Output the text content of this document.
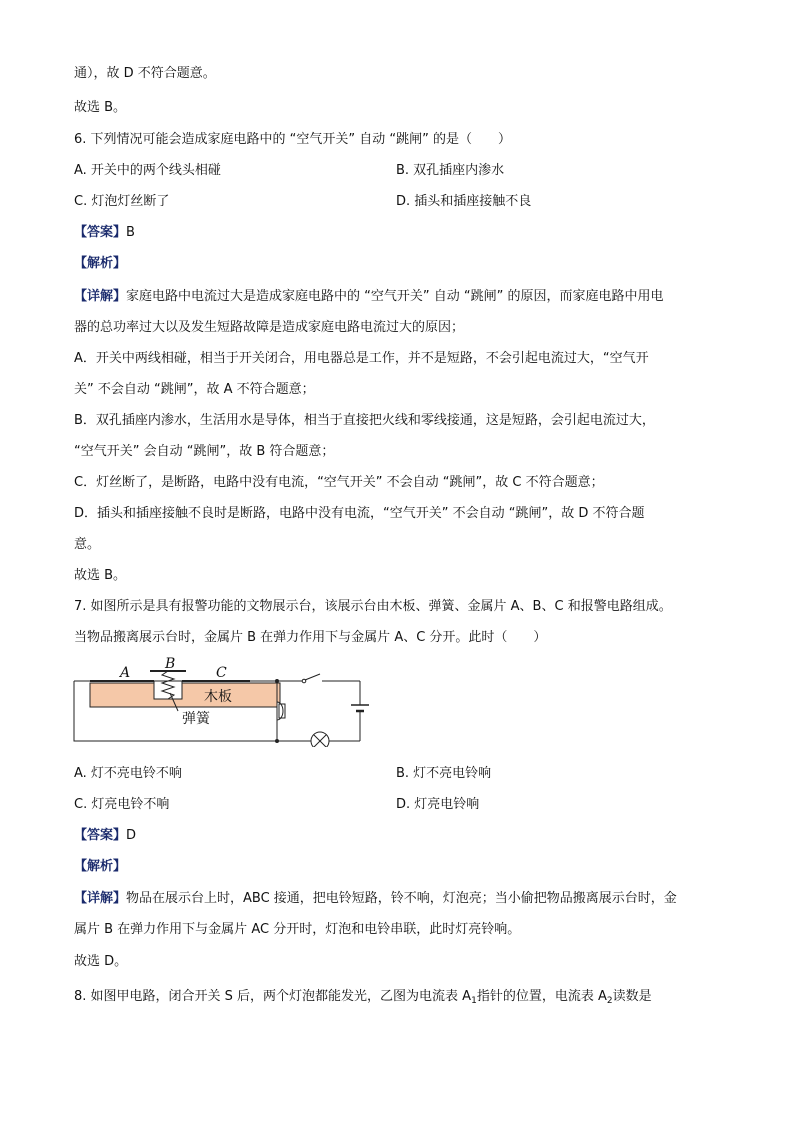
通），故 D 不符合题意。
故选 B。
6. 下列情况可能会造成家庭电路中的 “空气开关” 自动 “跳闸” 的是（　　）
A. 开关中的两个线头相碰	B. 双孔插座内渗水
C. 灯泡灯丝断了	D. 插头和插座接触不良
【答案】B
【解析】
【详解】家庭电路中电流过大是造成家庭电路中的 “空气开关” 自动 “跳闸” 的原因，而家庭电路中用电
器的总功率过大以及发生短路故障是造成家庭电路电流过大的原因；
A．开关中两线相碰，相当于开关闭合，用电器总是工作，并不是短路，不会引起电流过大，“空气开
关” 不会自动 “跳闸”，故 A 不符合题意；
B．双孔插座内渗水，生活用水是导体，相当于直接把火线和零线接通，这是短路，会引起电流过大，
“空气开关” 会自动 “跳闸”，故 B 符合题意；
C．灯丝断了，是断路，电路中没有电流，“空气开关” 不会自动 “跳闸”，故 C 不符合题意；
D．插头和插座接触不良时是断路，电路中没有电流，“空气开关” 不会自动 “跳闸”，故 D 不符合题
意。
故选 B。
7. 如图所示是具有报警功能的文物展示台，该展示台由木板、弹簧、金属片 A、B、C 和报警电路组成。
当物品搬离展示台时，金属片 B 在弹力作用下与金属片 A、C 分开。此时（　　）
A
B
C
木板
弹簧
A. 灯不亮电铃不响	B. 灯不亮电铃响
C. 灯亮电铃不响	D. 灯亮电铃响
【答案】D
【解析】
【详解】物品在展示台上时，ABC 接通，把电铃短路，铃不响，灯泡亮；当小偷把物品搬离展示台时，金
属片 B 在弹力作用下与金属片 AC 分开时，灯泡和电铃串联，此时灯亮铃响。
故选 D。
8. 如图甲电路，闭合开关 S 后，两个灯泡都能发光，乙图为电流表 $A_1$指针的位置，电流表 $A_2$读数是
